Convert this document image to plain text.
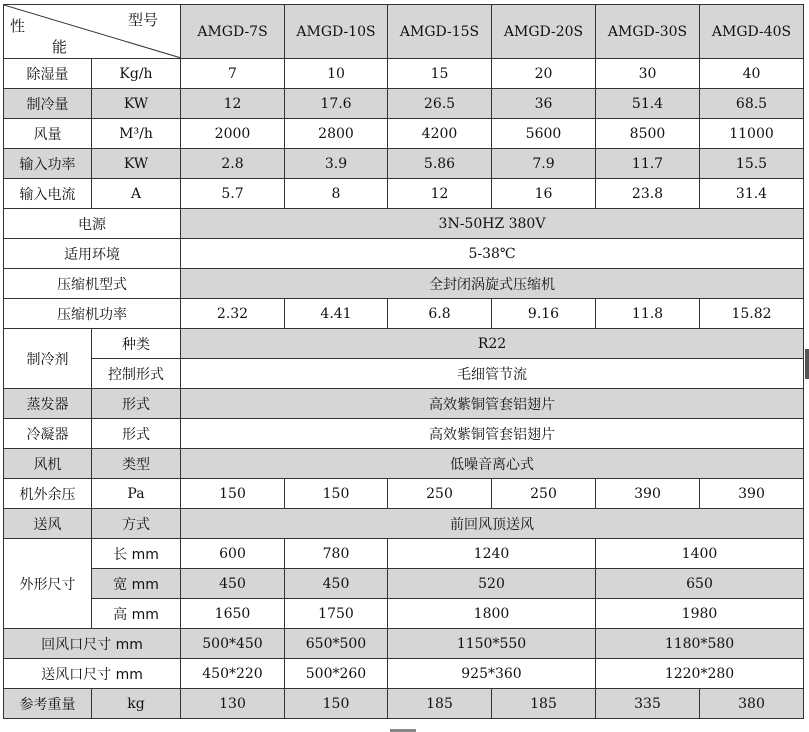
型号
性
能		AMGD-7S	AMGD-10S	AMGD-15S	AMGD-20S	AMGD-30S	AMGD-40S
除湿量	Kg/h	7	10	15	20	30	40
制冷量	KW	12	17.6	26.5	36	51.4	68.5
风量	M³/h	2000	2800	4200	5600	8500	11000
输入功率	KW	2.8	3.9	5.86	7.9	11.7	15.5
输入电流	A	5.7	8	12	16	23.8	31.4
电源		3N-50HZ 380V					
适用环境		5-38℃					
压缩机型式		全封闭涡旋式压缩机					
压缩机功率		2.32	4.41	6.8	9.16	11.8	15.82
制冷剂	种类	R22					
	控制形式	毛细管节流					
蒸发器	形式	高效紫铜管套铝翅片					
冷凝器	形式	高效紫铜管套铝翅片					
风机	类型	低噪音离心式					
机外余压	Pa	150	150	250	250	390	390
送风	方式	前回风顶送风					
外形尺寸	长 mm	600	780	1240		1400	
	宽 mm	450	450	520		650	
	高 mm	1650	1750	1800		1980	
回风口尺寸 mm		500*450	650*500	1150*550		1180*580	
送风口尺寸 mm		450*220	500*260	925*360		1220*280	
参考重量	kg	130	150	185	185	335	380
